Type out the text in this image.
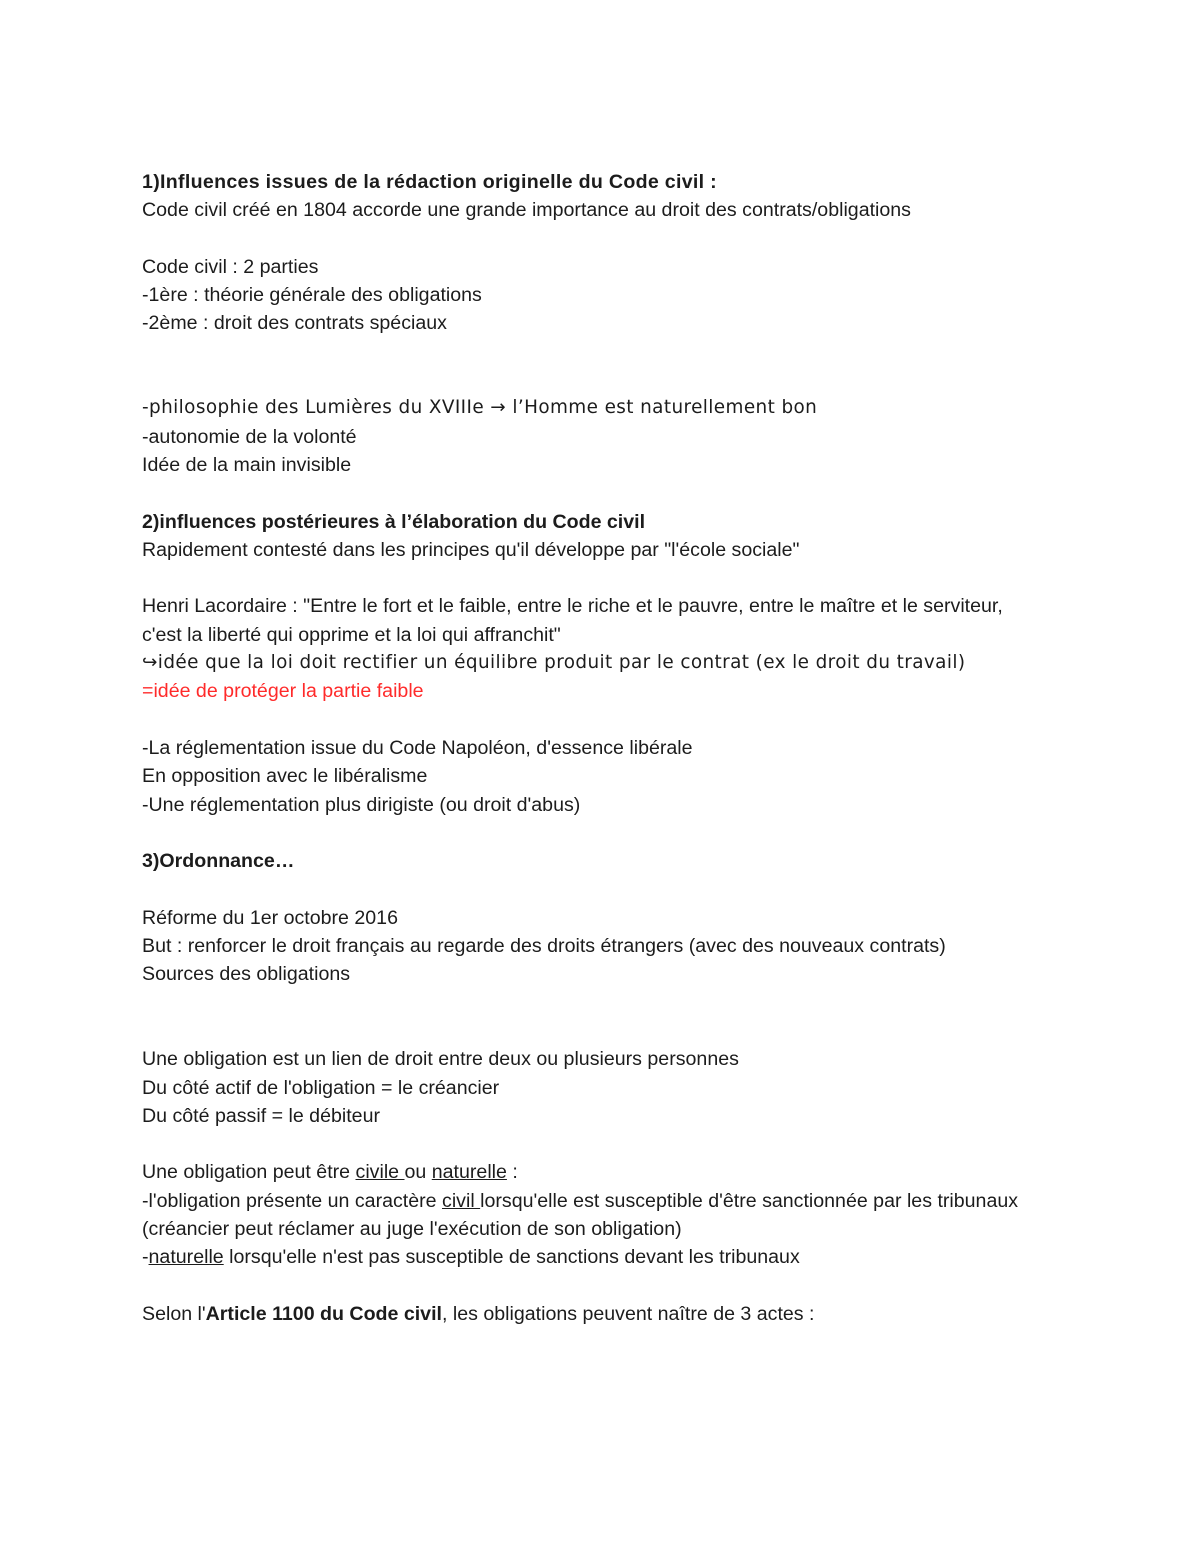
1)Influences issues de la rédaction originelle du Code civil :
Code civil créé en 1804 accorde une grande importance au droit des contrats/obligations
Code civil : 2 parties
-1ère : théorie générale des obligations
-2ème : droit des contrats spéciaux
-philosophie des Lumières du XVIIIe → l’Homme est naturellement bon
-autonomie de la volonté
Idée de la main invisible
2)influences postérieures à l’élaboration du Code civil
Rapidement contesté dans les principes qu'il développe par "l'école sociale"
Henri Lacordaire : "Entre le fort et le faible, entre le riche et le pauvre, entre le maître et le serviteur, c'est la liberté qui opprime et la loi qui affranchit"
↪idée que la loi doit rectifier un équilibre produit par le contrat (ex le droit du travail)
=idée de protéger la partie faible
-La réglementation issue du Code Napoléon, d'essence libérale
En opposition avec le libéralisme
-Une réglementation plus dirigiste (ou droit d'abus)
3)Ordonnance…
Réforme du 1er octobre 2016
But : renforcer le droit français au regarde des droits étrangers (avec des nouveaux contrats)
Sources des obligations
Une obligation est un lien de droit entre deux ou plusieurs personnes
Du côté actif de l'obligation = le créancier
Du côté passif = le débiteur
Une obligation peut être civile ou naturelle :
-l'obligation présente un caractère civil lorsqu'elle est susceptible d'être sanctionnée par les tribunaux (créancier peut réclamer au juge l'exécution de son obligation)
-naturelle lorsqu'elle n'est pas susceptible de sanctions devant les tribunaux
Selon l'Article 1100 du Code civil, les obligations peuvent naître de 3 actes :
